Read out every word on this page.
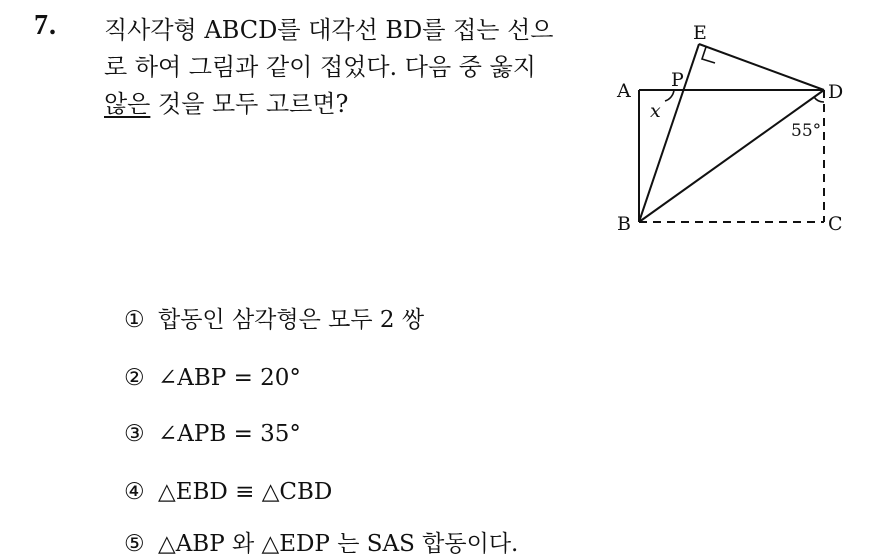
7. 직사각형 ABCD를 대각선 BD를 접는 선으
로 하여 그림과 같이 접었다. 다음 중 옳지
않은 것을 모두 고르면?
E
P
A	D
x
55°
B	C
① 합동인 삼각형은 모두 2 쌍
② ∠ABP = 20°
③ ∠APB = 35°
④ △EBD ≡ △CBD
⑤ △ABP 와 △EDP 는 SAS 합동이다.
